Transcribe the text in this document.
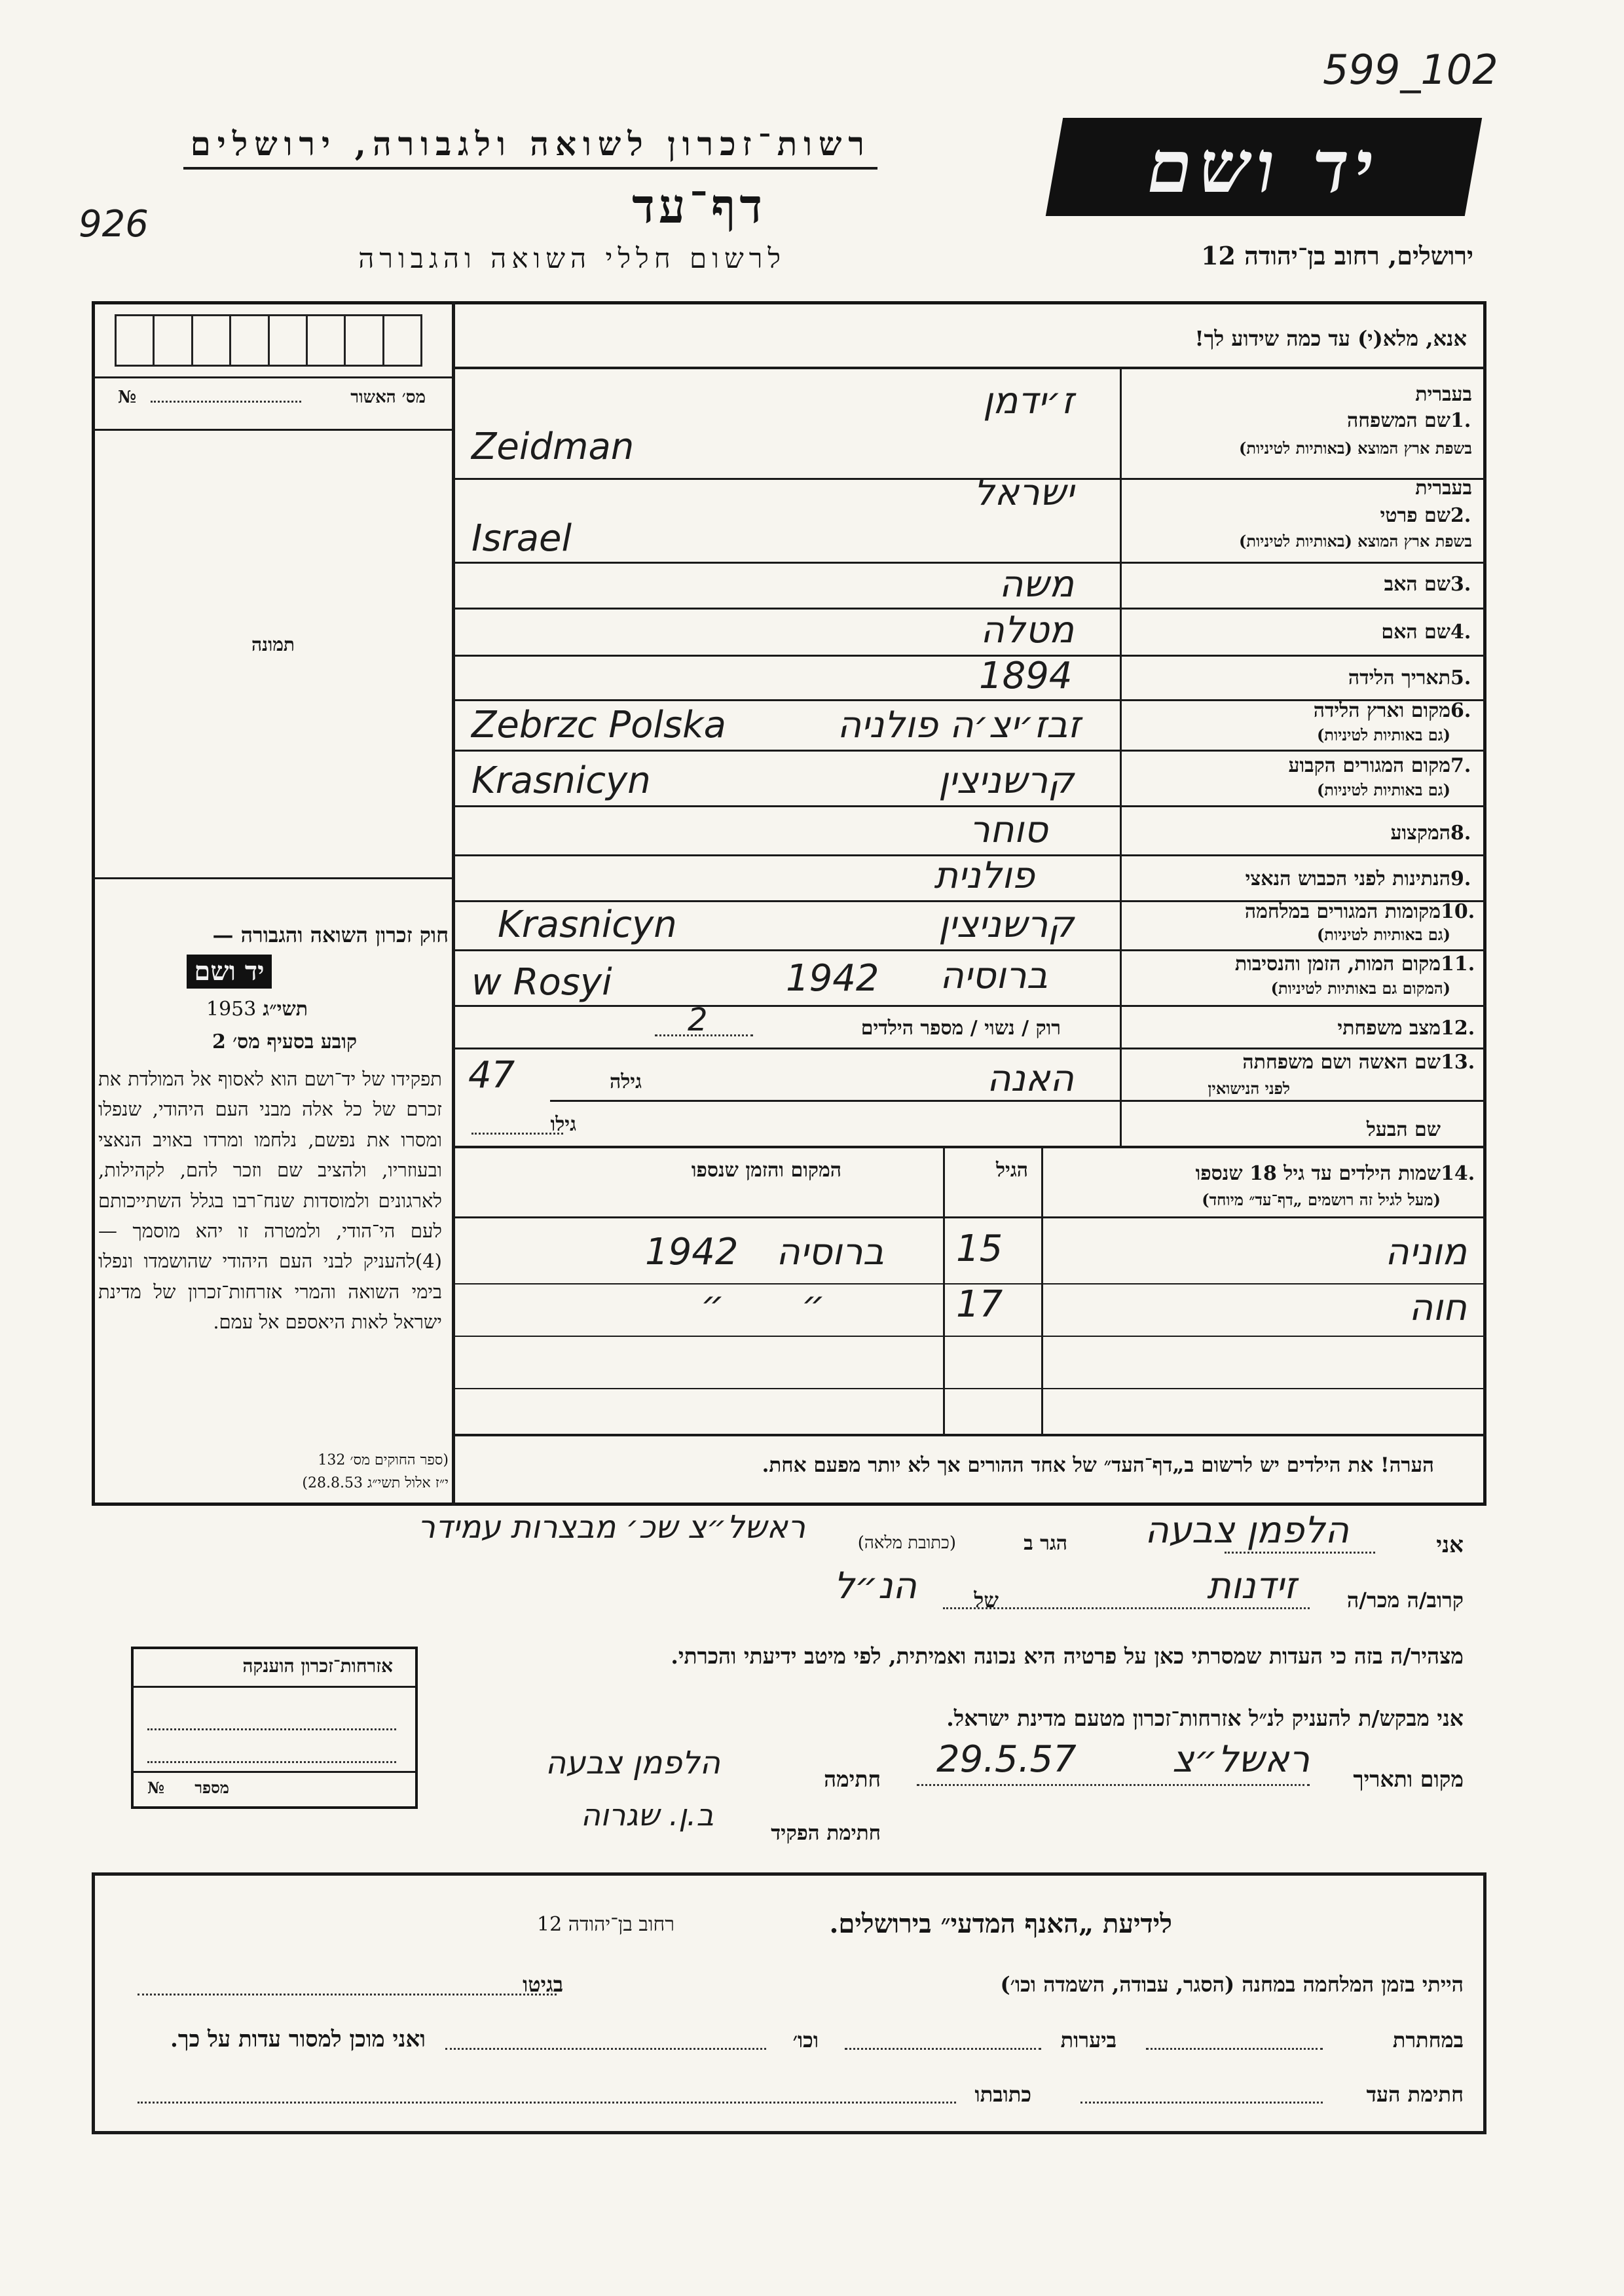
599_102
926
רשות־זכרון לשואה ולגבורה, ירושלים
דף־עד
לרשום חללי השואה והגבורה
יד ושם
ירושלים, רחוב בן־יהודה 12
אנא, מלא(י) עד כמה שידוע לך!
מס׳ האשור
№
תמונה
חוק זכרון השואה והגבורה —
יד ושם
תשי״ג
1953
קובע בסעיף מס׳ 2
תפקידו של יד־ושם הוא לאסוף אל המולדת את זכרם של כל אלה מבני העם היהודי, שנפלו ומסרו את נפשם, נלחמו ומרדו באויב הנאצי ובעוזריו, ולהציב שם וזכר להם, לקהילות, לארגונים ולמוסדות שנח־רבו בגלל השתייכותם לעם הי־הודי, ולמטרה זו יהא מוסמך — (4)להעניק לבני העם היהודי שהושמדו ונפלו בימי השואה והמרי אזרחות־זכרון של מדינת ישראל לאות היאספם אל עמם.
(ספר החוקים מס׳ 132
י״ז אלול תשי״ג 28.8.53)
בעברית
1.
שם המשפחה
בשפת ארץ המוצא (באותיות לטיניות)
ז׳ידמן
Zeidman
בעברית
2.
שם פרטי
בשפת ארץ המוצא (באותיות לטיניות)
ישראל
Israel
3.
שם האב
משה
4.
שם האם
מטלה
5.
תאריך הלידה
1894
6.
מקום וארץ הלידה
(גם באותיות לטיניות)
זבז׳יצ׳ה פולניה
Zebrzc Polska
7.
מקום המגורים הקבוע
(גם באותיות לטיניות)
קרשניצין
Krasnicyn
8.
המקצוע
סוחר
9.
הנתינות לפני הכבוש הנאצי
פולנית
10.
מקומות המגורים במלחמה
(גם באותיות לטיניות)
קרשניצין
Krasnicyn
11.
מקום המות, הזמן והנסיבות
(המקום גם באותיות לטיניות)
ברוסיה
1942
w Rosyi
12.
מצב משפחתי
רוק / נשוי / מספר הילדים
2
13.
שם האשה ושם משפחתה
לפני הנישואין
האנה
גילה
47
שם הבעל
גילו
14.
שמות הילדים עד גיל 18 שנספו
(מעל לגיל זה רושמים „דף־עד״ מיוחד)
הגיל
המקום והזמן שנספו
מוניה
15
ברוסיה
1942
חוה
17
״
״
הערה! את הילדים יש לרשום ב„דף־העד״ של אחד ההורים אך לא יותר מפעם אחת.
אני
הלפמן צבעה
הגר ב
(כתובת מלאה)
ראשל״צ שכ׳ מבצרות עמידר
קרוב/ה מכר/ה
זידנות
של
הנ״ל
מצהיר/ה בזה כי העדות שמסרתי כאן על פרטיה היא נכונה ואמיתית, לפי מיטב ידיעתי והכרתי.
אני מבקש/ת להעניק לנ״ל אזרחות־זכרון מטעם מדינת ישראל.
מקום ותאריך
ראשל״צ
29.5.57
חתימה
הלפמן צבעה
חתימת הפקיד
ב.ן. שגרוה
אזרחות־זכרון הוענקה
№ מספר
לידיעת „האנף המדעי״ בירושלים.
רחוב בן־יהודה 12
הייתי בזמן המלחמה במחנה (הסגר, עבודה, השמדה וכו׳)
בגיטו
במחתרת
ביערות
וכו׳
ואני מוכן למסור עדות על כך.
חתימת העד
כתובתו
